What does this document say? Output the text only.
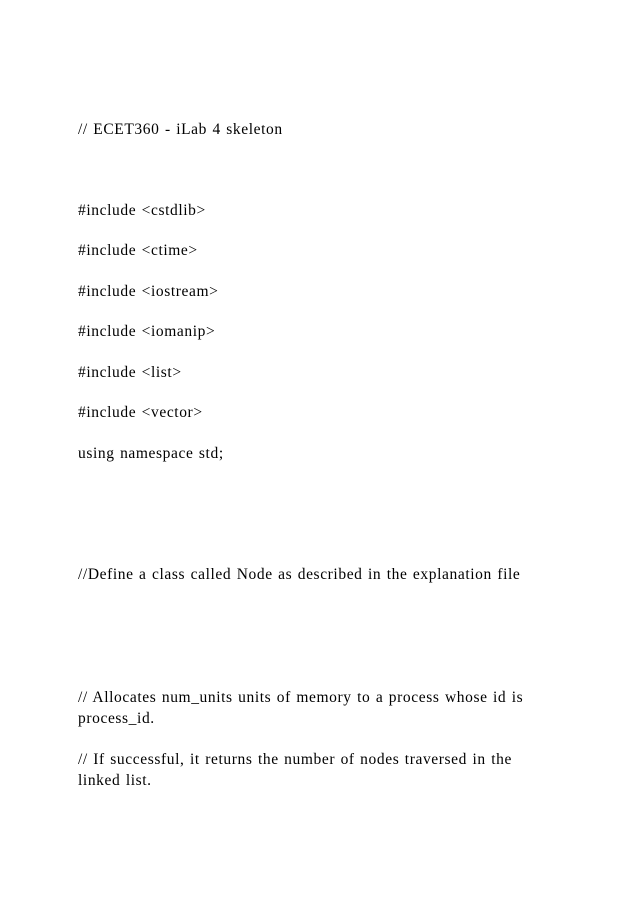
// ECET360 - iLab 4 skeleton

#include <cstdlib>

#include <ctime>

#include <iostream>

#include <iomanip>

#include <list>

#include <vector>

using namespace std;

//Define a class called Node as described in the explanation file

// Allocates num_units units of memory to a process whose id is

process_id.

// If successful, it returns the number of nodes traversed in the

linked list.
